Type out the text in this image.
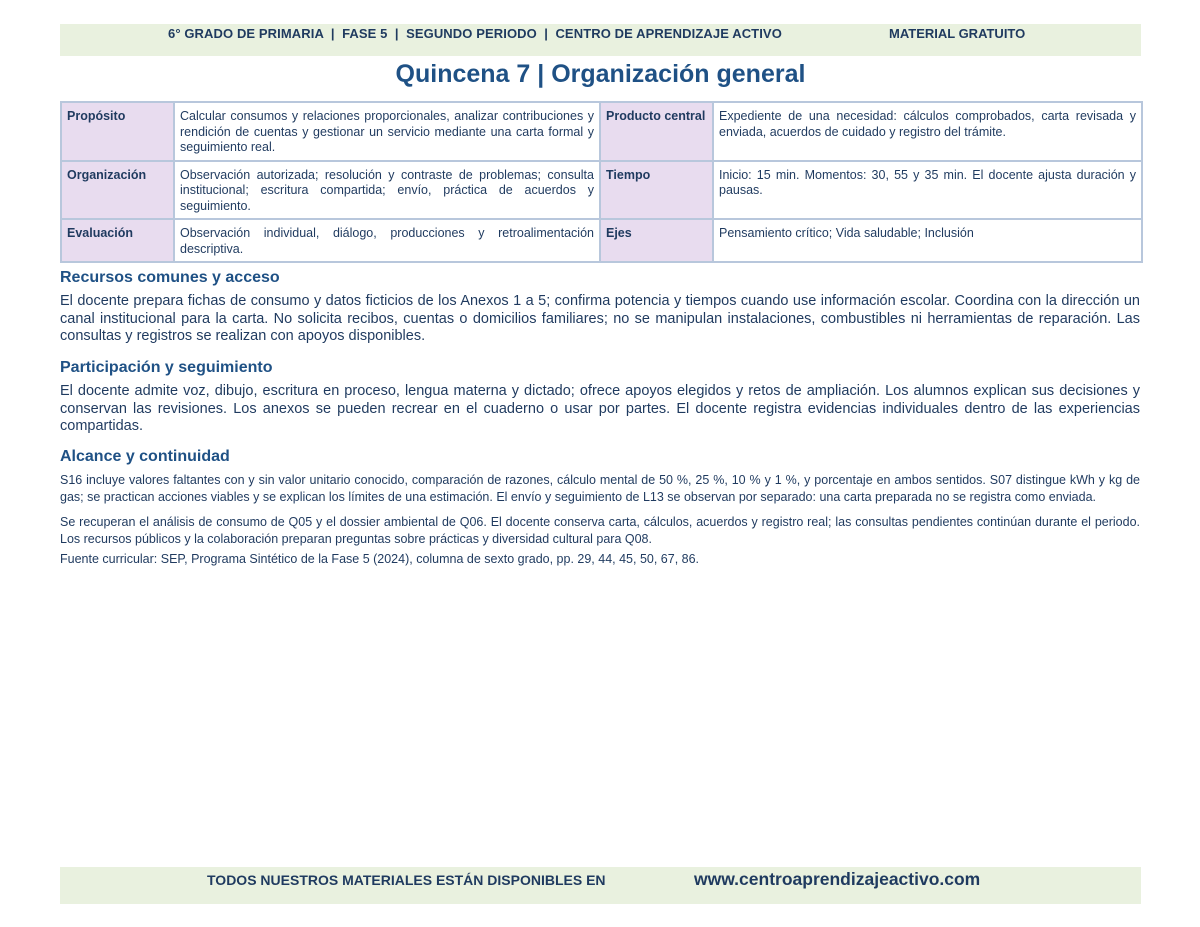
6° GRADO DE PRIMARIA  |  FASE 5  |  SEGUNDO PERIODO  |  CENTRO DE APRENDIZAJE ACTIVO	MATERIAL GRATUITO
Quincena 7 | Organización general
Propósito	Calcular consumos y relaciones proporcionales, analizar contribuciones y rendición de cuentas y gestionar un servicio mediante una carta formal y seguimiento real.	Producto central	Expediente de una necesidad: cálculos comprobados, carta revisada y enviada, acuerdos de cuidado y registro del trámite.
Organización	Observación autorizada; resolución y contraste de problemas; consulta institucional; escritura compartida; envío, práctica de acuerdos y seguimiento.	Tiempo	Inicio: 15 min. Momentos: 30, 55 y 35 min. El docente ajusta duración y pausas.
Evaluación	Observación individual, diálogo, producciones y retroalimentación descriptiva.	Ejes	Pensamiento crítico; Vida saludable; Inclusión
Recursos comunes y acceso

El docente prepara fichas de consumo y datos ficticios de los Anexos 1 a 5; confirma potencia y tiempos cuando use información escolar. Coordina con la dirección un canal institucional para la carta. No solicita recibos, cuentas o domicilios familiares; no se manipulan instalaciones, combustibles ni herramientas de reparación. Las consultas y registros se realizan con apoyos disponibles.

Participación y seguimiento

El docente admite voz, dibujo, escritura en proceso, lengua materna y dictado; ofrece apoyos elegidos y retos de ampliación. Los alumnos explican sus decisiones y conservan las revisiones. Los anexos se pueden recrear en el cuaderno o usar por partes. El docente registra evidencias individuales dentro de las experiencias compartidas.

Alcance y continuidad

S16 incluye valores faltantes con y sin valor unitario conocido, comparación de razones, cálculo mental de 50 %, 25 %, 10 % y 1 %, y porcentaje en ambos sentidos. S07 distingue kWh y kg de gas; se practican acciones viables y se explican los límites de una estimación. El envío y seguimiento de L13 se observan por separado: una carta preparada no se registra como enviada.

Se recuperan el análisis de consumo de Q05 y el dossier ambiental de Q06. El docente conserva carta, cálculos, acuerdos y registro real; las consultas pendientes continúan durante el periodo. Los recursos públicos y la colaboración preparan preguntas sobre prácticas y diversidad cultural para Q08.

Fuente curricular: SEP, Programa Sintético de la Fase 5 (2024), columna de sexto grado, pp. 29, 44, 45, 50, 67, 86.

TODOS NUESTROS MATERIALES ESTÁN DISPONIBLES EN	www.centroaprendizajeactivo.com
